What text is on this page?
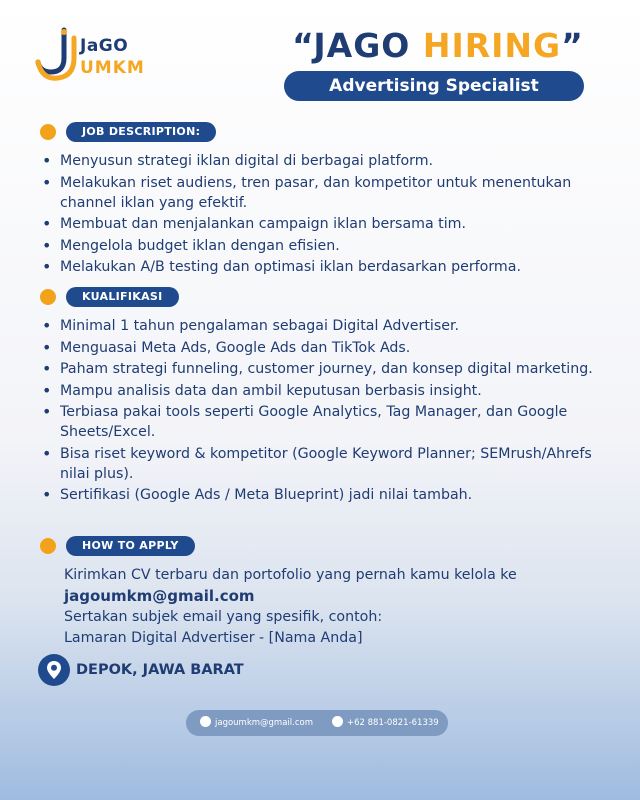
JaGO
UMKM
“JAGO HIRING”
Advertising Specialist
JOB DESCRIPTION:
• Menyusun strategi iklan digital di berbagai platform.
• Melakukan riset audiens, tren pasar, dan kompetitor untuk menentukan channel iklan yang efektif.
• Membuat dan menjalankan campaign iklan bersama tim.
• Mengelola budget iklan dengan efisien.
• Melakukan A/B testing dan optimasi iklan berdasarkan performa.
KUALIFIKASI
• Minimal 1 tahun pengalaman sebagai Digital Advertiser.
• Menguasai Meta Ads, Google Ads dan TikTok Ads.
• Paham strategi funneling, customer journey, dan konsep digital marketing.
• Mampu analisis data dan ambil keputusan berbasis insight.
• Terbiasa pakai tools seperti Google Analytics, Tag Manager, dan Google Sheets/Excel.
• Bisa riset keyword & kompetitor (Google Keyword Planner; SEMrush/Ahrefs nilai plus).
• Sertifikasi (Google Ads / Meta Blueprint) jadi nilai tambah.
HOW TO APPLY
Kirimkan CV terbaru dan portofolio yang pernah kamu kelola ke
jagoumkm@gmail.com
Sertakan subjek email yang spesifik, contoh:
Lamaran Digital Advertiser - [Nama Anda]
DEPOK, JAWA BARAT
jagoumkm@gmail.com	+62 881-0821-61339
